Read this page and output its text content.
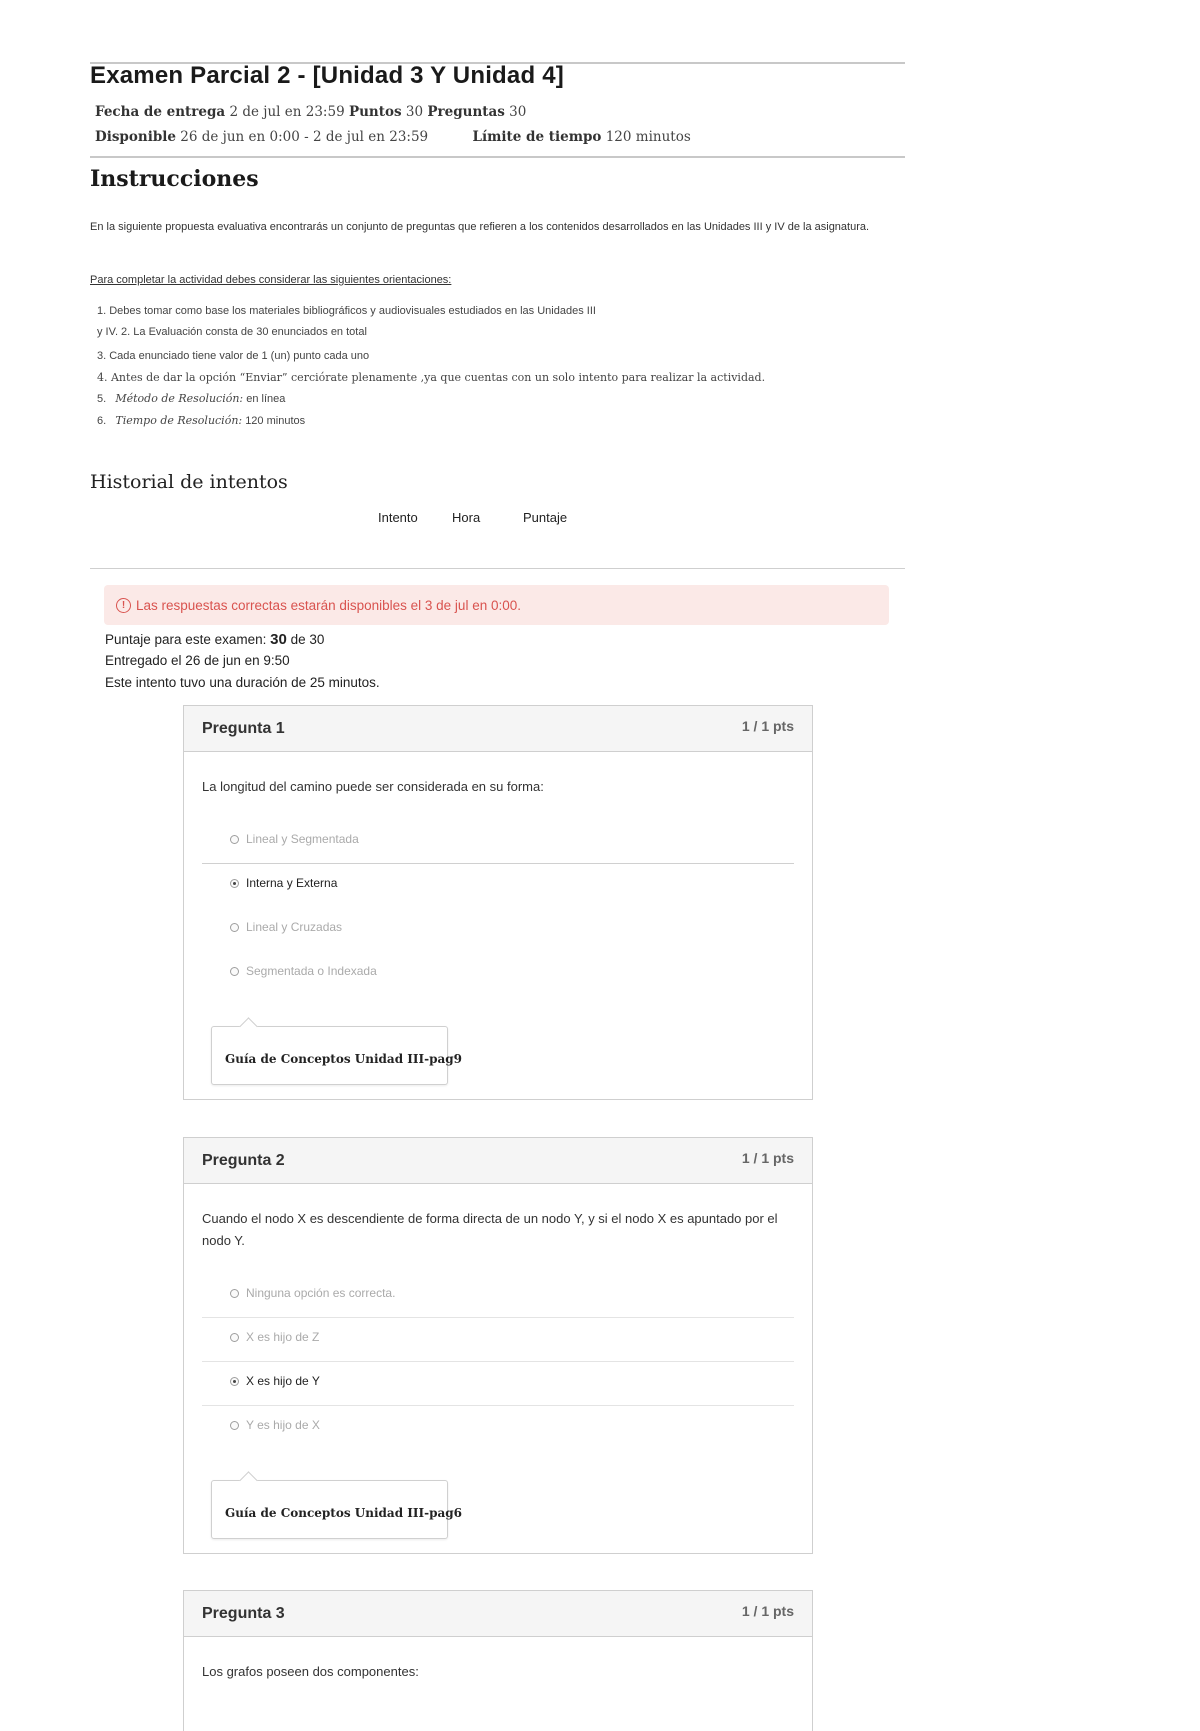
Examen Parcial 2 - [Unidad 3 Y Unidad 4]
Fecha de entrega 2 de jul en 23:59 Puntos 30 Preguntas 30
Disponible 26 de jun en 0:00 - 2 de jul en 23:59	Límite de tiempo 120 minutos
Instrucciones
En la siguiente propuesta evaluativa encontrarás un conjunto de preguntas que refieren a los contenidos desarrollados en las Unidades III y IV de la asignatura.
Para completar la actividad debes considerar las siguientes orientaciones:
1. Debes tomar como base los materiales bibliográficos y audiovisuales estudiados en las Unidades III
y IV. 2. La Evaluación consta de 30 enunciados en total
3. Cada enunciado tiene valor de 1 (un) punto cada uno
4. Antes de dar la opción “Enviar” cerciórate plenamente ,ya que cuentas con un solo intento para realizar la actividad.
5. Método de Resolución: en línea
6. Tiempo de Resolución: 120 minutos
Historial de intentos
Intento	Hora	Puntaje
! Las respuestas correctas estarán disponibles el 3 de jul en 0:00.
Puntaje para este examen: 30 de 30
Entregado el 26 de jun en 9:50
Este intento tuvo una duración de 25 minutos.
Pregunta 1	1 / 1 pts
La longitud del camino puede ser considerada en su forma:
Lineal y Segmentada
Interna y Externa
Lineal y Cruzadas
Segmentada o Indexada
Guía de Conceptos Unidad III-pag9
Pregunta 2	1 / 1 pts
Cuando el nodo X es descendiente de forma directa de un nodo Y, y si el nodo X es apuntado por el nodo Y.
Ninguna opción es correcta.
X es hijo de Z
X es hijo de Y
Y es hijo de X
Guía de Conceptos Unidad III-pag6
Pregunta 3	1 / 1 pts
Los grafos poseen dos componentes:
